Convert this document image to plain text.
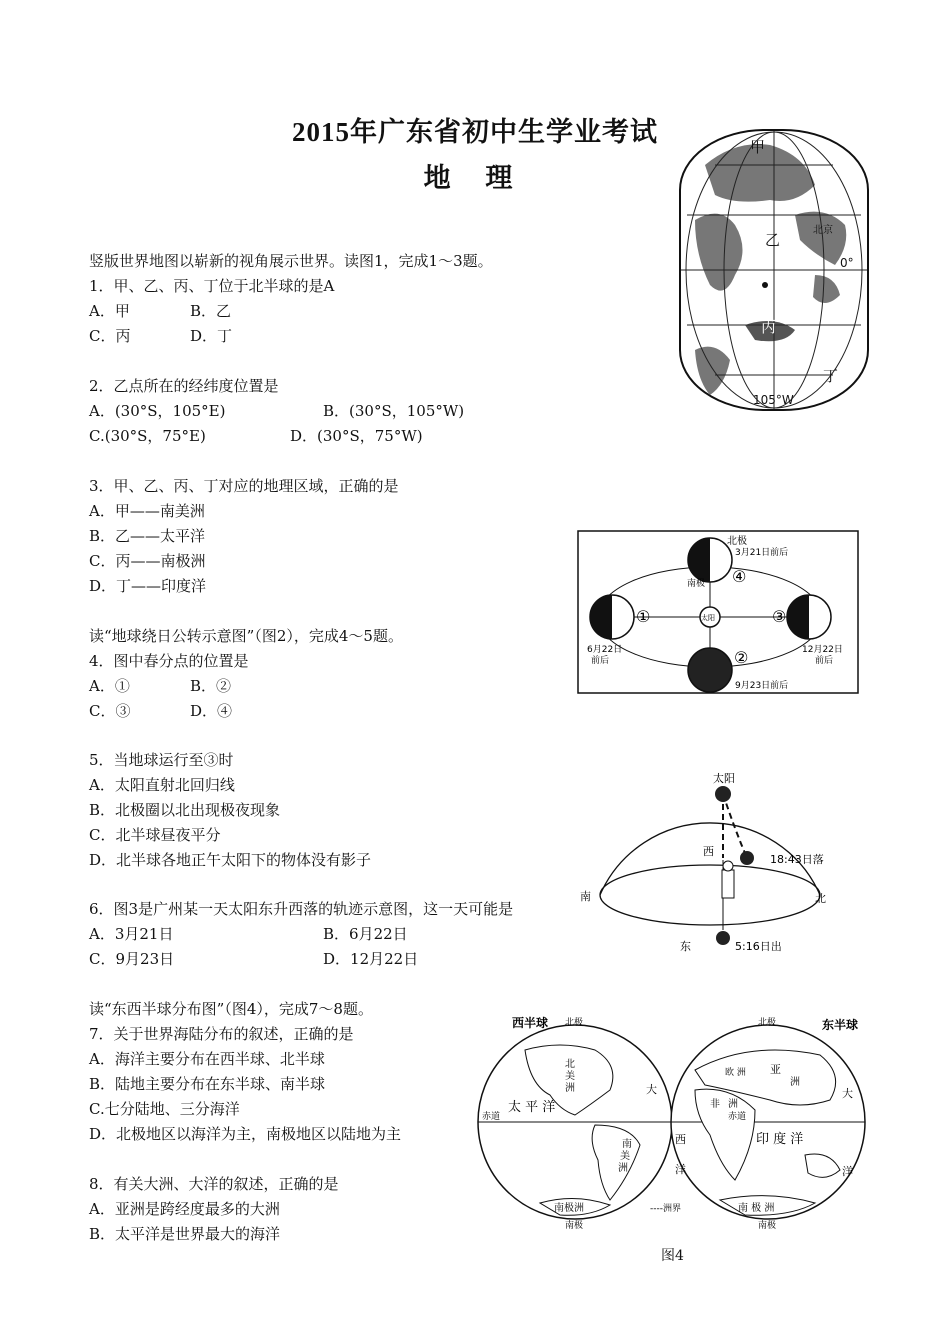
2015年广东省初中生学业考试
地 理
竖版世界地图以崭新的视角展示世界。读图1，完成1～3题。
1．甲、乙、丙、丁位于北半球的是A
A．甲	B．乙
C．丙	D．丁
2．乙点所在的经纬度位置是
A．(30°S，105°E)	B．(30°S，105°W)
C.(30°S，75°E)	D．(30°S，75°W)
3．甲、乙、丙、丁对应的地理区域，正确的是
A．甲——南美洲
B．乙——太平洋
C．丙——南极洲
D．丁——印度洋
读“地球绕日公转示意图”（图2），完成4～5题。
4．图中春分点的位置是
A．①	B．②
C．③	D．④
5．当地球运行至③时
A．太阳直射北回归线
B．北极圈以北出现极夜现象
C．北半球昼夜平分
D．北半球各地正午太阳下的物体没有影子
6．图3是广州某一天太阳东升西落的轨迹示意图，这一天可能是
A．3月21日	B．6月22日
C．9月23日	D．12月22日
读“东西半球分布图”（图4），完成7～8题。
7．关于世界海陆分布的叙述，正确的是
A．海洋主要分布在西半球、北半球
B．陆地主要分布在东半球、南半球
C.七分陆地、三分海洋
D．北极地区以海洋为主，南极地区以陆地为主
8．有关大洲、大洋的叙述，正确的是
A．亚洲是跨经度最多的大洲
B．太平洋是世界最大的海洋
甲
乙
丙
丁
北京
0°
105°W
太阳
北极
南极
3月21日前后
6月22日
前后
9月23日前后
12月22日
前后
①
②
③
④
太阳
西
南	北
东
18:43日落
5:16日出
西半球	东半球
北极	北极
南极	南极
赤道	赤道
太 平 洋
北
美
洲
南
美
洲
大
西
洋
欧 洲 亚
洲
非 洲
印 度 洋
大
洋
南极洲	南 极 洲
----洲界
图4
